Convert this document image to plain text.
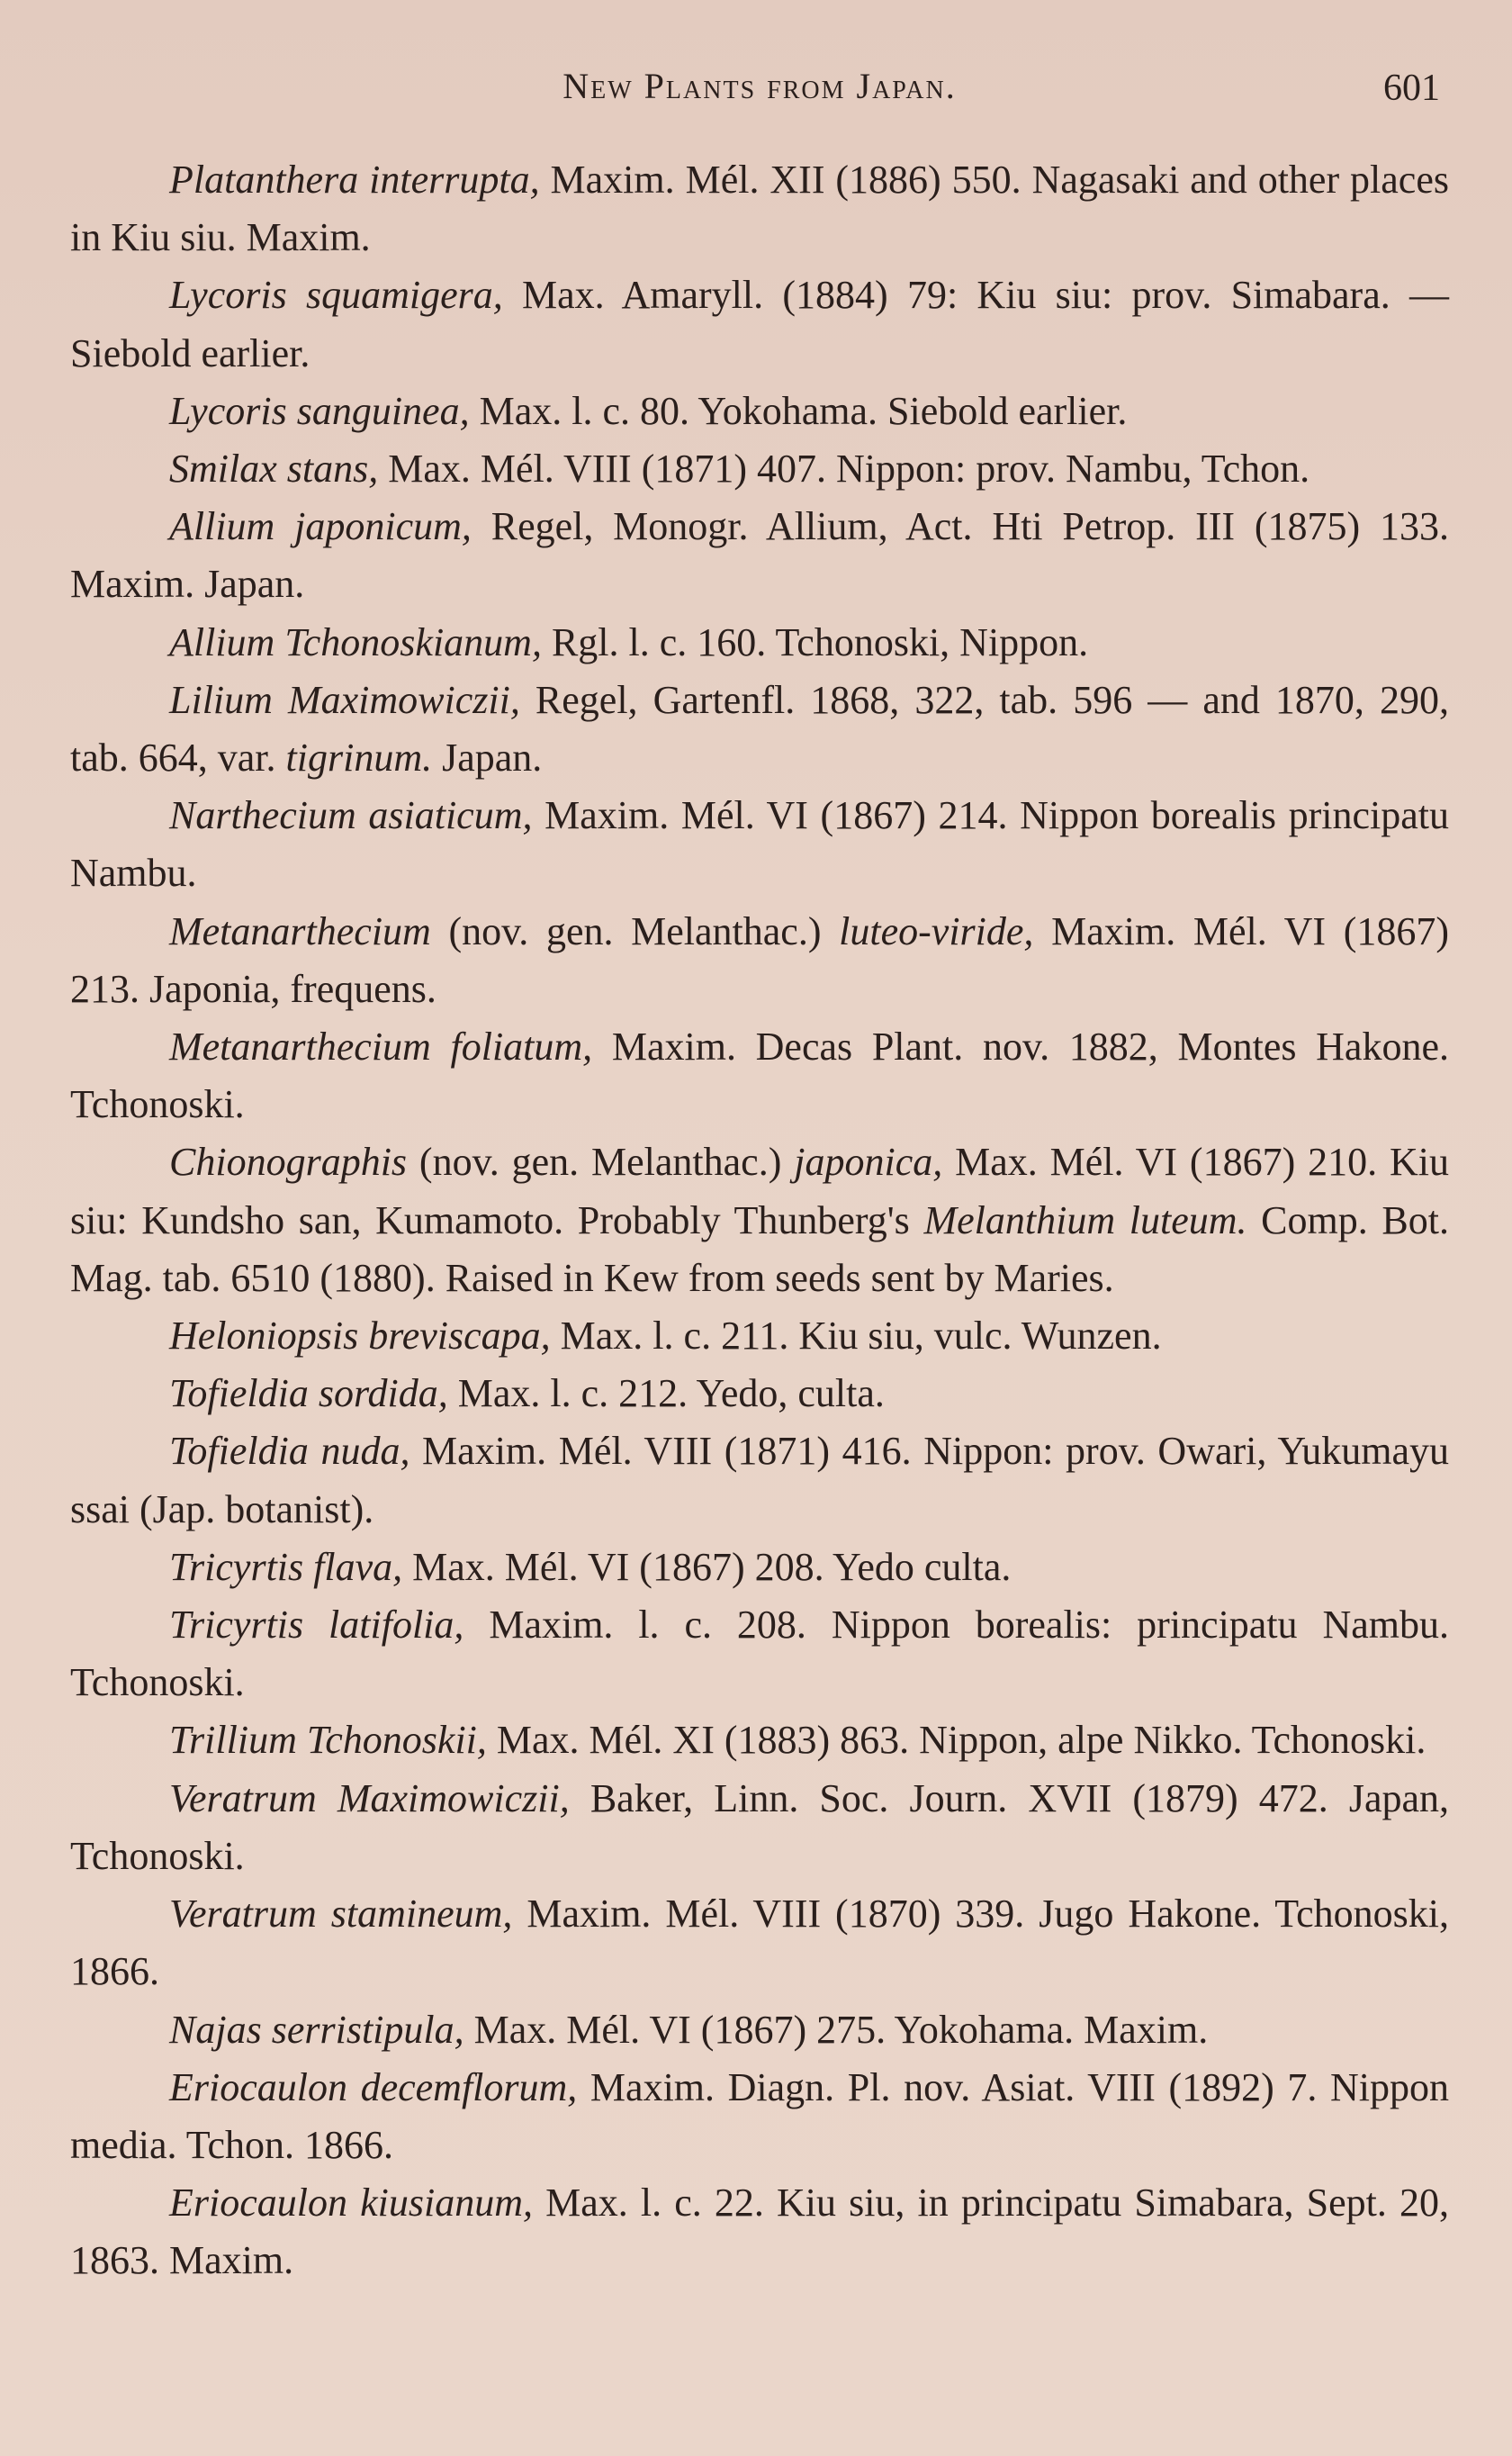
New Plants from Japan.	601

Platanthera interrupta, Maxim. Mél. XII (1886) 550. Nagasaki and other places in Kiu siu. Maxim.

Lycoris squamigera, Max. Amaryll. (1884) 79: Kiu siu: prov. Simabara. — Siebold earlier.

Lycoris sanguinea, Max. l. c. 80. Yokohama. Siebold earlier.

Smilax stans, Max. Mél. VIII (1871) 407. Nippon: prov. Nambu, Tchon.

Allium japonicum, Regel, Monogr. Allium, Act. Hti Petrop. III (1875) 133. Maxim. Japan.

Allium Tchonoskianum, Rgl. l. c. 160. Tchonoski, Nippon.

Lilium Maximowiczii, Regel, Gartenfl. 1868, 322, tab. 596 — and 1870, 290, tab. 664, var. tigrinum. Japan.

Narthecium asiaticum, Maxim. Mél. VI (1867) 214. Nippon borealis principatu Nambu.

Metanarthecium (nov. gen. Melanthac.) luteo-viride, Maxim. Mél. VI (1867) 213. Japonia, frequens.

Metanarthecium foliatum, Maxim. Decas Plant. nov. 1882, Montes Hakone. Tchonoski.

Chionographis (nov. gen. Melanthac.) japonica, Max. Mél. VI (1867) 210. Kiu siu: Kundsho san, Kumamoto. Probably Thunberg's Melanthium luteum. Comp. Bot. Mag. tab. 6510 (1880). Raised in Kew from seeds sent by Maries.

Heloniopsis breviscapa, Max. l. c. 211. Kiu siu, vulc. Wunzen.

Tofieldia sordida, Max. l. c. 212. Yedo, culta.

Tofieldia nuda, Maxim. Mél. VIII (1871) 416. Nippon: prov. Owari, Yukumayu ssai (Jap. botanist).

Tricyrtis flava, Max. Mél. VI (1867) 208. Yedo culta.

Tricyrtis latifolia, Maxim. l. c. 208. Nippon borealis: principatu Nambu. Tchonoski.

Trillium Tchonoskii, Max. Mél. XI (1883) 863. Nippon, alpe Nikko. Tchonoski.

Veratrum Maximowiczii, Baker, Linn. Soc. Journ. XVII (1879) 472. Japan, Tchonoski.

Veratrum stamineum, Maxim. Mél. VIII (1870) 339. Jugo Hakone. Tchonoski, 1866.

Najas serristipula, Max. Mél. VI (1867) 275. Yokohama. Maxim.

Eriocaulon decemflorum, Maxim. Diagn. Pl. nov. Asiat. VIII (1892) 7. Nippon media. Tchon. 1866.

Eriocaulon kiusianum, Max. l. c. 22. Kiu siu, in principatu Simabara, Sept. 20, 1863. Maxim.
